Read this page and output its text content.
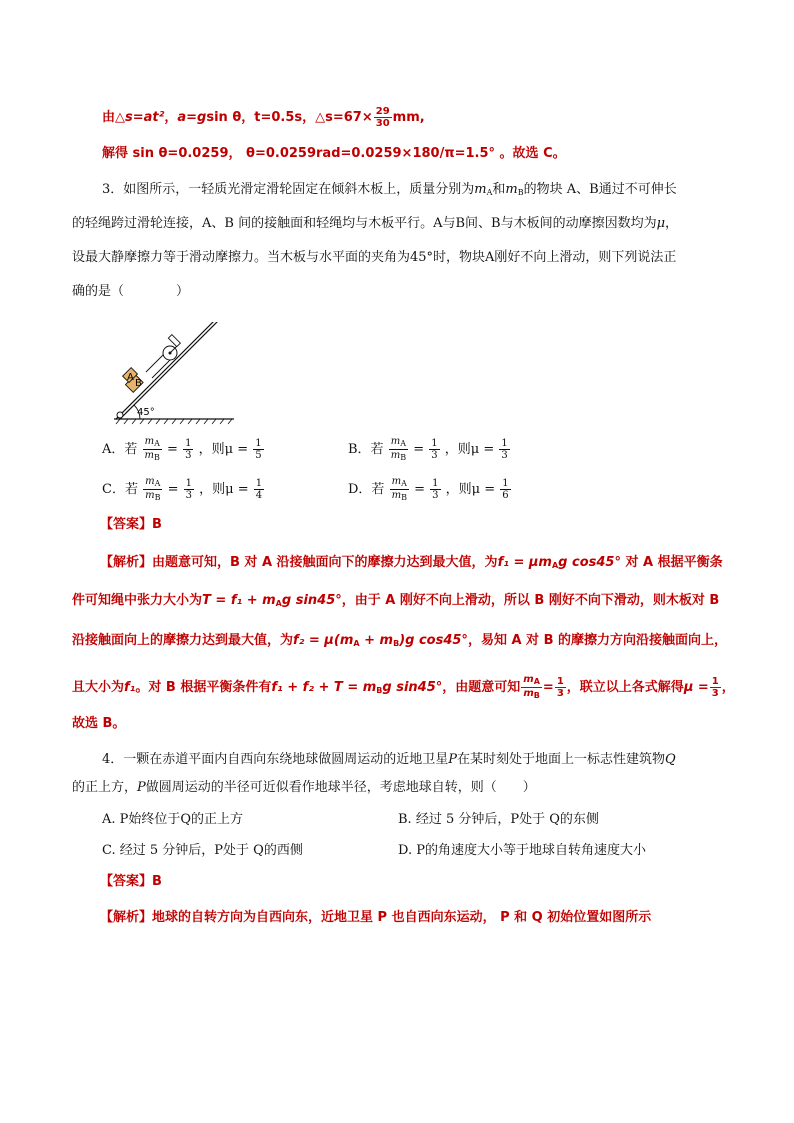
由△s=at²，a=gsin θ，t=0.5s，△s=67× $\frac{29}{30}$ mm,
解得 sin θ=0.0259， θ=0.0259rad=0.0259×180/π=1.5° 。故选 C。
3．如图所示，一轻质光滑定滑轮固定在倾斜木板上，质量分别为$m_A$和$m_B$的物块 A、B通过不可伸长
的轻绳跨过滑轮连接，A、B 间的接触面和轻绳均与木板平行。A与B间、B与木板间的动摩擦因数均为μ，
设最大静摩擦力等于滑动摩擦力。当木板与水平面的夹角为45°时，物块A刚好不向上滑动，则下列说法正
确的是（　　　　）
A
B
45°
A．若 $\frac{m_A}{m_B} = \frac{1}{3}$ ，则$\mu = \frac{1}{5}$	B．若 $\frac{m_A}{m_B} = \frac{1}{3}$ ，则$\mu = \frac{1}{3}$
C．若 $\frac{m_A}{m_B} = \frac{1}{3}$ ，则$\mu = \frac{1}{4}$	D．若 $\frac{m_A}{m_B} = \frac{1}{3}$ ，则$\mu = \frac{1}{6}$
【答案】B
【解析】由题意可知，B 对 A 沿接触面向下的摩擦力达到最大值，为$f_1 = \mu m_Ag$ cos45° 对 A 根据平衡条
件可知绳中张力大小为$T = f_1 + m_Ag$ sin45°，由于 A 刚好不向上滑动，所以 B 刚好不向下滑动，则木板对 B
沿接触面向上的摩擦力达到最大值，为$f_2 = \mu(m_A + m_B)g$ cos45°，易知 A 对 B 的摩擦力方向沿接触面向上，
且大小为f₁。对 B 根据平衡条件有$f_1 + f_2 + T = m_Bg$ sin45°，由题意可知 $\frac{m_A}{m_B} = \frac{1}{3}$ ，联立以上各式解得$\mu = \frac{1}{3}$ ，
故选 B。
4．一颗在赤道平面内自西向东绕地球做圆周运动的近地卫星P在某时刻处于地面上一标志性建筑物Q
的正上方，P做圆周运动的半径可近似看作地球半径，考虑地球自转，则（　　）
A. P始终位于Q的正上方	B. 经过 5 分钟后，P处于 Q的东侧
C. 经过 5 分钟后，P处于 Q的西侧	D. P的角速度大小等于地球自转角速度大小
【答案】B
【解析】地球的自转方向为自西向东，近地卫星 P 也自西向东运动， P 和 Q 初始位置如图所示
